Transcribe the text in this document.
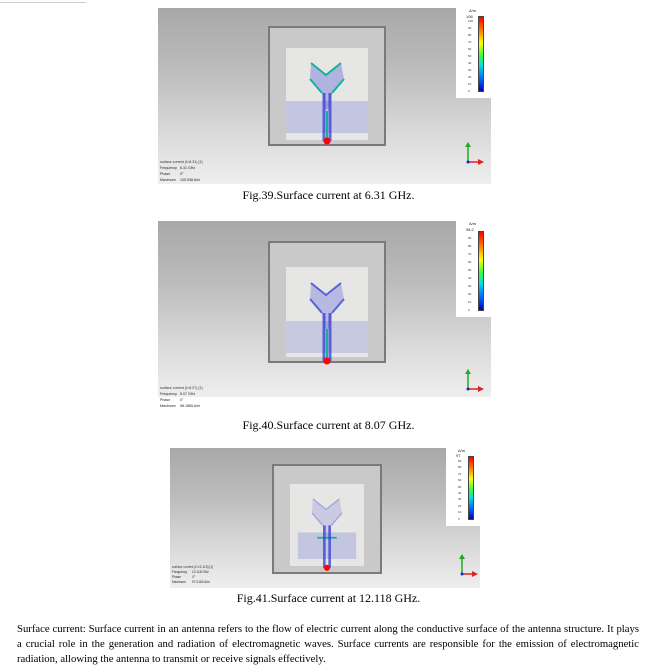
A/m
106
100
90
80
70
60
50
40
30
20
10
0
surface current (f=6.31) [1]
Frequency 6.31 GHz
Phase	0°
Maximum 105.538 A/m
Fig.39.Surface current at 6.31 GHz.
A/m
98.2
90
80
70
60
50
40
30
20
10
0
surface current (f=8.07) [1]
Frequency 8.07 GHz
Phase	0°
Maximum 98.1865 A/m
Fig.40.Surface current at 8.07 GHz.
A/m
97
90
80
70
60
50
40
30
20
10
0
surface current (f=12.118) [1]
Frequency 12.118 GHz
Phase	0°
Maximum 97.0163 A/m
Fig.41.Surface current at 12.118 GHz.

Surface current: Surface current in an antenna refers to the flow of electric current along the conductive surface of the antenna structure. It plays a crucial role in the generation and radiation of electromagnetic waves. Surface currents are responsible for the emission of electromagnetic radiation, allowing the antenna to transmit or receive signals effectively.
